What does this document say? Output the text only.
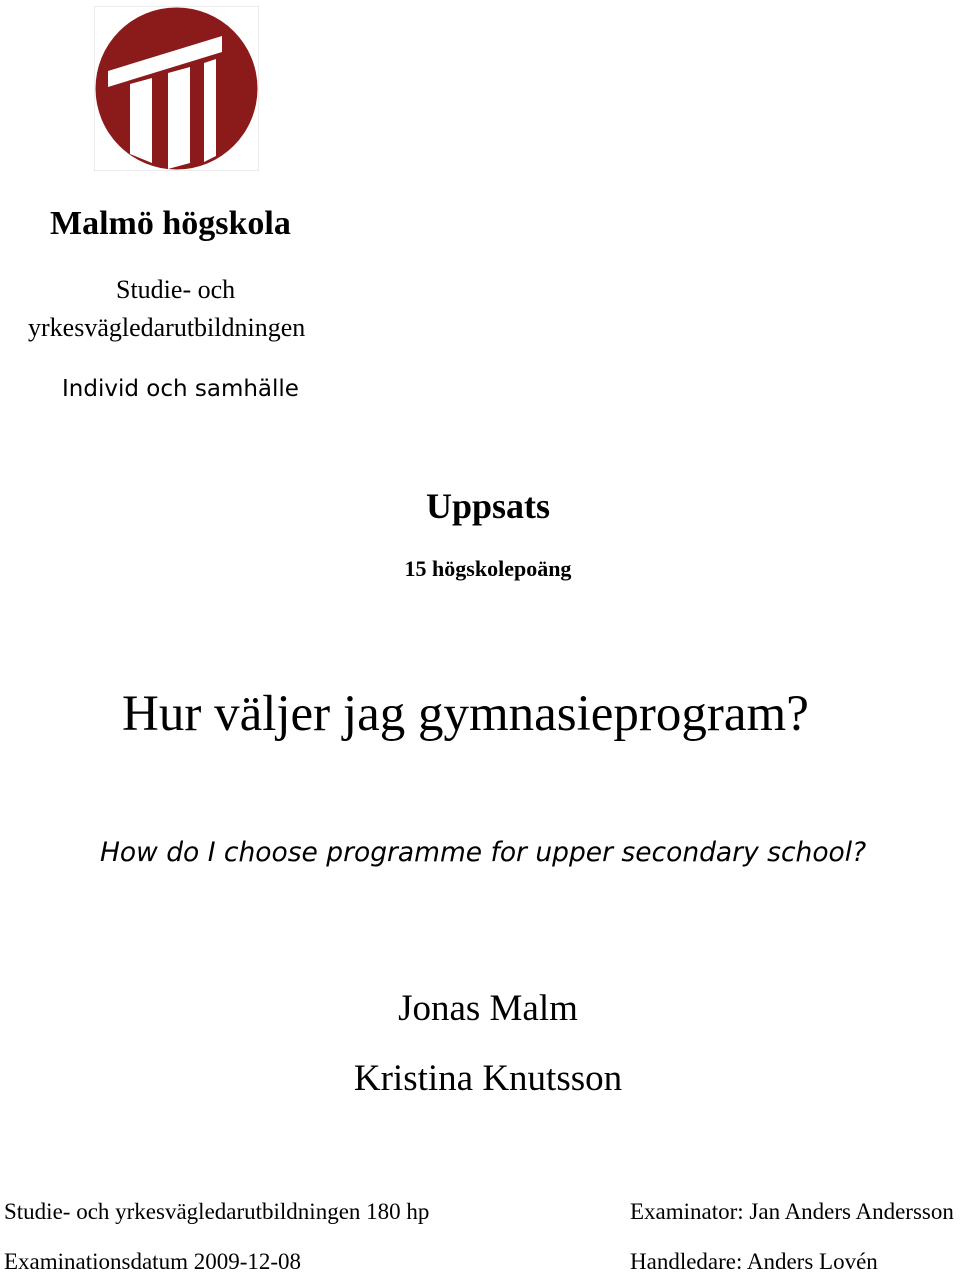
Malmö högskola
Studie- och
yrkesvägledarutbildningen
Individ och samhälle
Uppsats
15 högskolepoäng
Hur väljer jag gymnasieprogram?
How do I choose programme for upper secondary school?
Jonas Malm
Kristina Knutsson
Studie- och yrkesvägledarutbildningen 180 hp
Examinationsdatum 2009-12-08
Examinator: Jan Anders Andersson
Handledare: Anders Lovén
